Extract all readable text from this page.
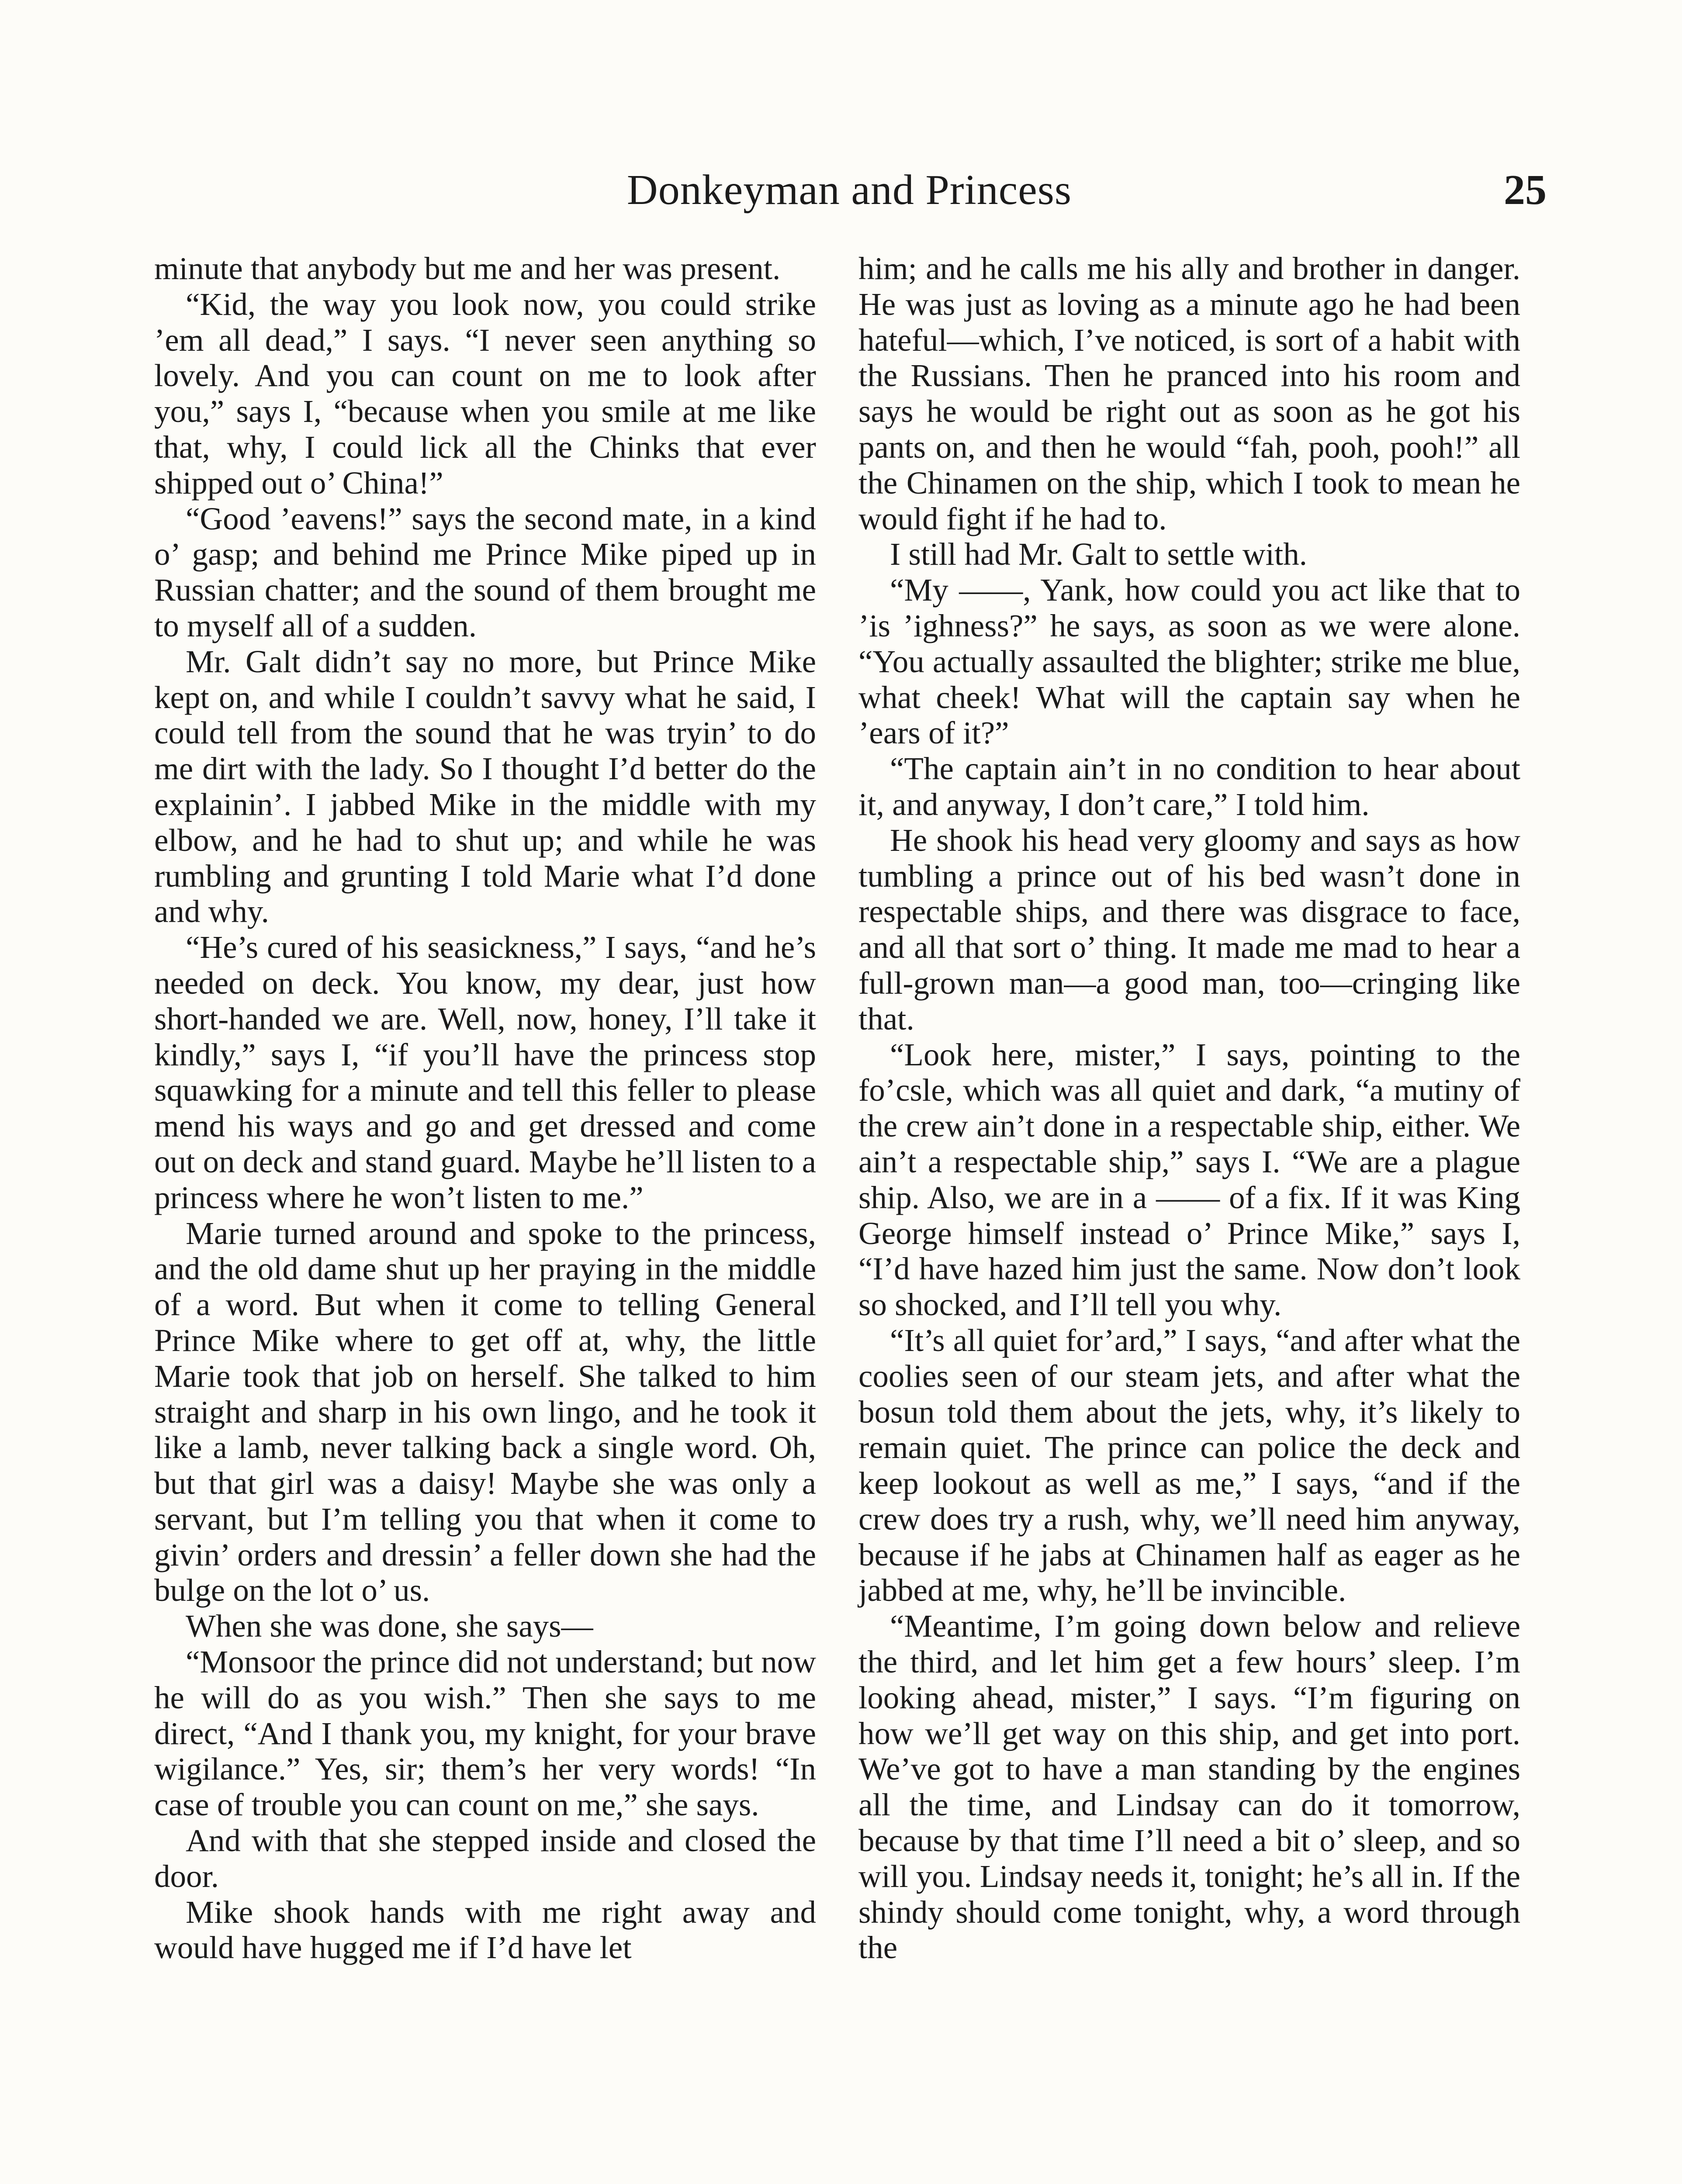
Donkeyman and Princess	25

minute that anybody but me and her was present.

“Kid, the way you look now, you could strike ’em all dead,” I says. “I never seen anything so lovely. And you can count on me to look after you,” says I, “because when you smile at me like that, why, I could lick all the Chinks that ever shipped out o’ China!”

“Good ’eavens!” says the second mate, in a kind o’ gasp; and behind me Prince Mike piped up in Russian chatter; and the sound of them brought me to myself all of a sudden.

Mr. Galt didn’t say no more, but Prince Mike kept on, and while I couldn’t savvy what he said, I could tell from the sound that he was tryin’ to do me dirt with the lady. So I thought I’d better do the explainin’. I jabbed Mike in the middle with my elbow, and he had to shut up; and while he was rumbling and grunting I told Marie what I’d done and why.

“He’s cured of his seasickness,” I says, “and he’s needed on deck. You know, my dear, just how short-handed we are. Well, now, honey, I’ll take it kindly,” says I, “if you’ll have the princess stop squawking for a minute and tell this feller to please mend his ways and go and get dressed and come out on deck and stand guard. Maybe he’ll listen to a princess where he won’t listen to me.”

Marie turned around and spoke to the princess, and the old dame shut up her praying in the middle of a word. But when it come to telling General Prince Mike where to get off at, why, the little Marie took that job on herself. She talked to him straight and sharp in his own lingo, and he took it like a lamb, never talking back a single word. Oh, but that girl was a daisy! Maybe she was only a servant, but I’m telling you that when it come to givin’ orders and dressin’ a feller down she had the bulge on the lot o’ us.

When she was done, she says—

“Monsoor the prince did not understand; but now he will do as you wish.” Then she says to me direct, “And I thank you, my knight, for your brave wigilance.” Yes, sir; them’s her very words! “In case of trouble you can count on me,” she says.

And with that she stepped inside and closed the door.

Mike shook hands with me right away and would have hugged me if I’d have let

him; and he calls me his ally and brother in danger. He was just as loving as a minute ago he had been hateful—which, I’ve noticed, is sort of a habit with the Russians. Then he pranced into his room and says he would be right out as soon as he got his pants on, and then he would “fah, pooh, pooh!” all the Chinamen on the ship, which I took to mean he would fight if he had to.

I still had Mr. Galt to settle with.

“My ——, Yank, how could you act like that to ’is ’ighness?” he says, as soon as we were alone. “You actually assaulted the blighter; strike me blue, what cheek! What will the captain say when he ’ears of it?”

“The captain ain’t in no condition to hear about it, and anyway, I don’t care,” I told him.

He shook his head very gloomy and says as how tumbling a prince out of his bed wasn’t done in respectable ships, and there was disgrace to face, and all that sort o’ thing. It made me mad to hear a full-grown man—a good man, too—cringing like that.

“Look here, mister,” I says, pointing to the fo’csle, which was all quiet and dark, “a mutiny of the crew ain’t done in a respectable ship, either. We ain’t a respectable ship,” says I. “We are a plague ship. Also, we are in a —— of a fix. If it was King George himself instead o’ Prince Mike,” says I, “I’d have hazed him just the same. Now don’t look so shocked, and I’ll tell you why.

“It’s all quiet for’ard,” I says, “and after what the coolies seen of our steam jets, and after what the bosun told them about the jets, why, it’s likely to remain quiet. The prince can police the deck and keep lookout as well as me,” I says, “and if the crew does try a rush, why, we’ll need him anyway, because if he jabs at Chinamen half as eager as he jabbed at me, why, he’ll be invincible.

“Meantime, I’m going down below and relieve the third, and let him get a few hours’ sleep. I’m looking ahead, mister,” I says. “I’m figuring on how we’ll get way on this ship, and get into port. We’ve got to have a man standing by the engines all the time, and Lindsay can do it tomorrow, because by that time I’ll need a bit o’ sleep, and so will you. Lindsay needs it, tonight; he’s all in. If the shindy should come tonight, why, a word through the
